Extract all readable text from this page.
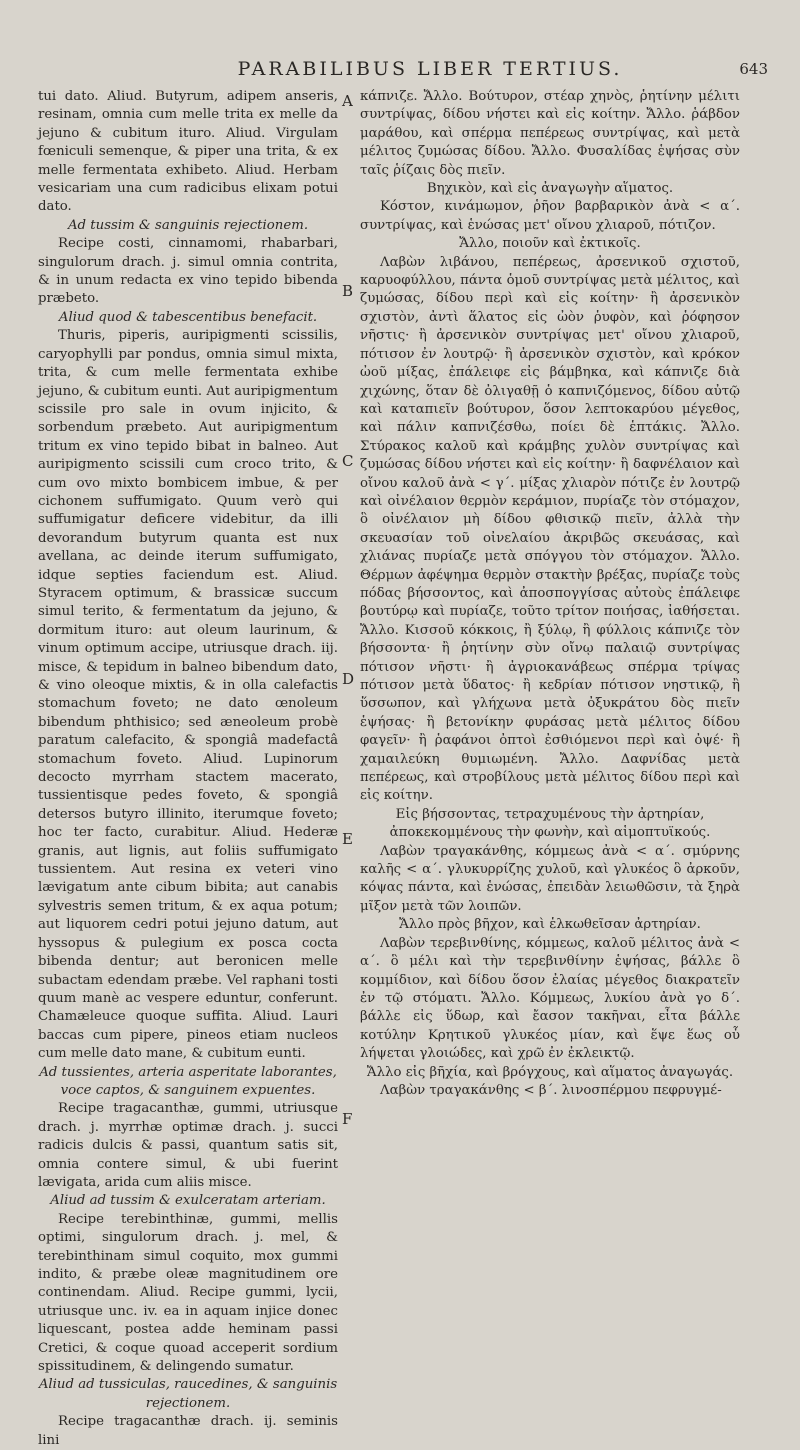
PARABILIBUS LIBER TERTIUS.	643

tui dato. Aliud. Butyrum, adipem anseris, resinam, omnia cum melle trita ex melle da jejuno & cubitum ituro. Aliud. Virgulam fœniculi semenque, & piper una trita, & ex melle fermentata exhibeto. Aliud. Herbam vesicariam una cum radicibus elixam potui dato.

Ad tussim & sanguinis rejectionem.

Recipe costi, cinnamomi, rhabarbari, singulorum drach. j. simul omnia contrita, & in unum redacta ex vino tepido bibenda præbeto.

Aliud quod & tabescentibus benefacit.

Thuris, piperis, auripigmenti scissilis, caryophylli par pondus, omnia simul mixta, trita, & cum melle fermentata exhibe jejuno, & cubitum eunti. Aut auripigmentum scissile pro sale in ovum injicito, & sorbendum præbeto. Aut auripigmentum tritum ex vino tepido bibat in balneo. Aut auripigmento scissili cum croco trito, & cum ovo mixto bombicem imbue, & per cichonem suffumigato. Quum verò qui suffumigatur deficere videbitur, da illi devorandum butyrum quanta est nux avellana, ac deinde iterum suffumigato, idque septies faciendum est. Aliud. Styracem optimum, & brassicæ succum simul terito, & fermentatum da jejuno, & dormitum ituro: aut oleum laurinum, & vinum optimum accipe, utriusque drach. iij. misce, & tepidum in balneo bibendum dato, & vino oleoque mixtis, & in olla calefactis stomachum foveto; ne dato œnoleum bibendum phthisico; sed æneoleum probè paratum calefacito, & spongiâ madefactâ stomachum foveto. Aliud. Lupinorum decocto myrrham stactem macerato, tussientisque pedes foveto, & spongiâ detersos butyro illinito, iterumque foveto; hoc ter facto, curabitur. Aliud. Hederæ granis, aut lignis, aut foliis suffumigato tussientem. Aut resina ex veteri vino lævigatum ante cibum bibita; aut canabis sylvestris semen tritum, & ex aqua potum; aut liquorem cedri potui jejuno datum, aut hyssopus & pulegium ex posca cocta bibenda dentur; aut beronicen melle subactam edendam præbe. Vel raphani tosti quum manè ac vespere eduntur, conferunt. Chamæleuce quoque suffita. Aliud. Lauri baccas cum pipere, pineos etiam nucleos cum melle dato mane, & cubitum eunti.

Ad tussientes, arteria asperitate laborantes, voce captos, & sanguinem expuentes.

Recipe tragacanthæ, gummi, utriusque drach. j. myrrhæ optimæ drach. j. succi radicis dulcis & passi, quantum satis sit, omnia contere simul, & ubi fuerint lævigata, arida cum aliis misce.

Aliud ad tussim & exulceratam arteriam.

Recipe terebinthinæ, gummi, mellis optimi, singulorum drach. j. mel, & terebinthinam simul coquito, mox gummi indito, & præbe oleæ magnitudinem ore continendam. Aliud. Recipe gummi, lycii, utriusque unc. iv. ea in aquam injice donec liquescant, postea adde heminam passi Cretici, & coque quoad acceperit sordium spissitudinem, & delingendo sumatur.

Aliud ad tussiculas, raucedines, & sanguinis rejectionem.

Recipe tragacanthæ drach. ij. seminis lini

A
B
C
D
E
F

κάπνιζε. Ἄλλο. Βούτυρον, στέαρ χηνὸς, ῥητίνην μέλιτι συντρίψας, δίδου νήστει καὶ εἰς κοίτην. Ἄλλο. ῥάβδον μαράθου, καὶ σπέρμα πεπέρεως συντρίψας, καὶ μετὰ μέλιτος ζυμώσας δίδου. Ἄλλο. Φυσαλίδας ἑψήσας σὺν ταῖς ῥίζαις δὸς πιεῖν.

Βηχικὸν, καὶ εἰς ἀναγωγὴν αἵματος.

Κόστον, κινάμωμον, ῥῆον βαρβαρικὸν ἀνὰ < α΄. συντρίψας, καὶ ἑνώσας μετ' οἴνου χλιαροῦ, πότιζον.

Ἄλλο, ποιοῦν καὶ ἐκτικοῖς.

Λαβὼν λιβάνου, πεπέρεως, ἀρσενικοῦ σχιστοῦ, καρυοφύλλου, πάντα ὁμοῦ συντρίψας μετὰ μέλιτος, καὶ ζυμώσας, δίδου περὶ καὶ εἰς κοίτην· ἢ ἀρσενικὸν σχιστὸν, ἀντὶ ἅλατος εἰς ὠὸν ῥυφὸν, καὶ ῥόφησον νῆστις· ἢ ἀρσενικὸν συντρίψας μετ' οἴνου χλιαροῦ, πότισον ἐν λουτρῷ· ἢ ἀρσενικὸν σχιστὸν, καὶ κρόκον ὠοῦ μίξας, ἐπάλειφε εἰς βάμβηκα, καὶ κάπνιζε διὰ χιχώνης, ὅταν δὲ ὀλιγαθῇ ὁ καπνιζόμενος, δίδου αὐτῷ καὶ καταπιεῖν βούτυρον, ὅσον λεπτοκαρύου μέγεθος, καὶ πάλιν καπνιζέσθω, ποίει δὲ ἑπτάκις. Ἄλλο. Στύρακος καλοῦ καὶ κράμβης χυλὸν συντρίψας καὶ ζυμώσας δίδου νήστει καὶ εἰς κοίτην· ἢ δαφνέλαιον καὶ οἴνου καλοῦ ἀνὰ < γ΄. μίξας χλιαρὸν πότιζε ἐν λουτρῷ καὶ οἰνέλαιον θερμὸν κεράμιον, πυρίαζε τὸν στόμαχον, ὃ οἰνέλαιον μὴ δίδου φθισικῷ πιεῖν, ἀλλὰ τὴν σκευασίαν τοῦ οἰνελαίου ἀκριβῶς σκευάσας, καὶ χλιάνας πυρίαζε μετὰ σπόγγου τὸν στόμαχον. Ἄλλο. Θέρμων ἀφέψημα θερμὸν στακτὴν βρέξας, πυρίαζε τοὺς πόδας βήσσοντος, καὶ ἀποσπογγίσας αὐτοὺς ἐπάλειφε βουτύρῳ καὶ πυρίαζε, τοῦτο τρίτον ποιήσας, ἰαθήσεται. Ἄλλο. Κισσοῦ κόκκοις, ἢ ξύλῳ, ἢ φύλλοις κάπνιζε τὸν βήσσοντα· ἢ ῥητίνην σὺν οἴνῳ παλαιῷ συντρίψας πότισον νῆστι· ἢ ἀγριοκανάβεως σπέρμα τρίψας πότισον μετὰ ὕδατος· ἢ κεδρίαν πότισον νηστικῷ, ἢ ὕσσωπον, καὶ γλήχωνα μετὰ ὀξυκράτου δὸς πιεῖν ἑψήσας· ἢ βετονίκην φυράσας μετὰ μέλιτος δίδου φαγεῖν· ἢ ῥαφάνοι ὀπτοὶ ἐσθιόμενοι περὶ καὶ ὀψέ· ἢ χαμαιλεύκη θυμιωμένη. Ἄλλο. Δαφνίδας μετὰ πεπέρεως, καὶ στροβίλους μετὰ μέλιτος δίδου περὶ καὶ εἰς κοίτην.

Εἰς βήσσοντας, τετραχυμένους τὴν ἀρτηρίαν, ἀποκεκομμένους τὴν φωνὴν, καὶ αἱμοπτυϊκούς.

Λαβὼν τραγακάνθης, κόμμεως ἀνὰ < α΄. σμύρνης καλῆς < α΄. γλυκυρρίζης χυλοῦ, καὶ γλυκέος ὃ ἀρκοῦν, κόψας πάντα, καὶ ἑνώσας, ἐπειδὰν λειωθῶσιν, τὰ ξηρὰ μῖξον μετὰ τῶν λοιπῶν.

Ἄλλο πρὸς βῆχον, καὶ ἑλκωθεῖσαν ἀρτηρίαν.

Λαβὼν τερεβινθίνης, κόμμεως, καλοῦ μέλιτος ἀνὰ < α΄. ὃ μέλι καὶ τὴν τερεβινθίνην ἑψήσας, βάλλε ὃ κομμίδιον, καὶ δίδου ὅσον ἐλαίας μέγεθος διακρατεῖν ἐν τῷ στόματι. Ἄλλο. Κόμμεως, λυκίου ἀνὰ γο δ΄. βάλλε εἰς ὕδωρ, καὶ ἔασον τακῆναι, εἶτα βάλλε κοτύλην Κρητικοῦ γλυκέος μίαν, καὶ ἕψε ἕως οὗ λήψεται γλοιώδες, καὶ χρῶ ἐν ἐκλεικτῷ.

Ἄλλο εἰς βῆχία, καὶ βρόγχους, καὶ αἵματος ἀναγωγάς.

Λαβὼν τραγακάνθης < β΄. λινοσπέρμου πεφρυγμέ-
